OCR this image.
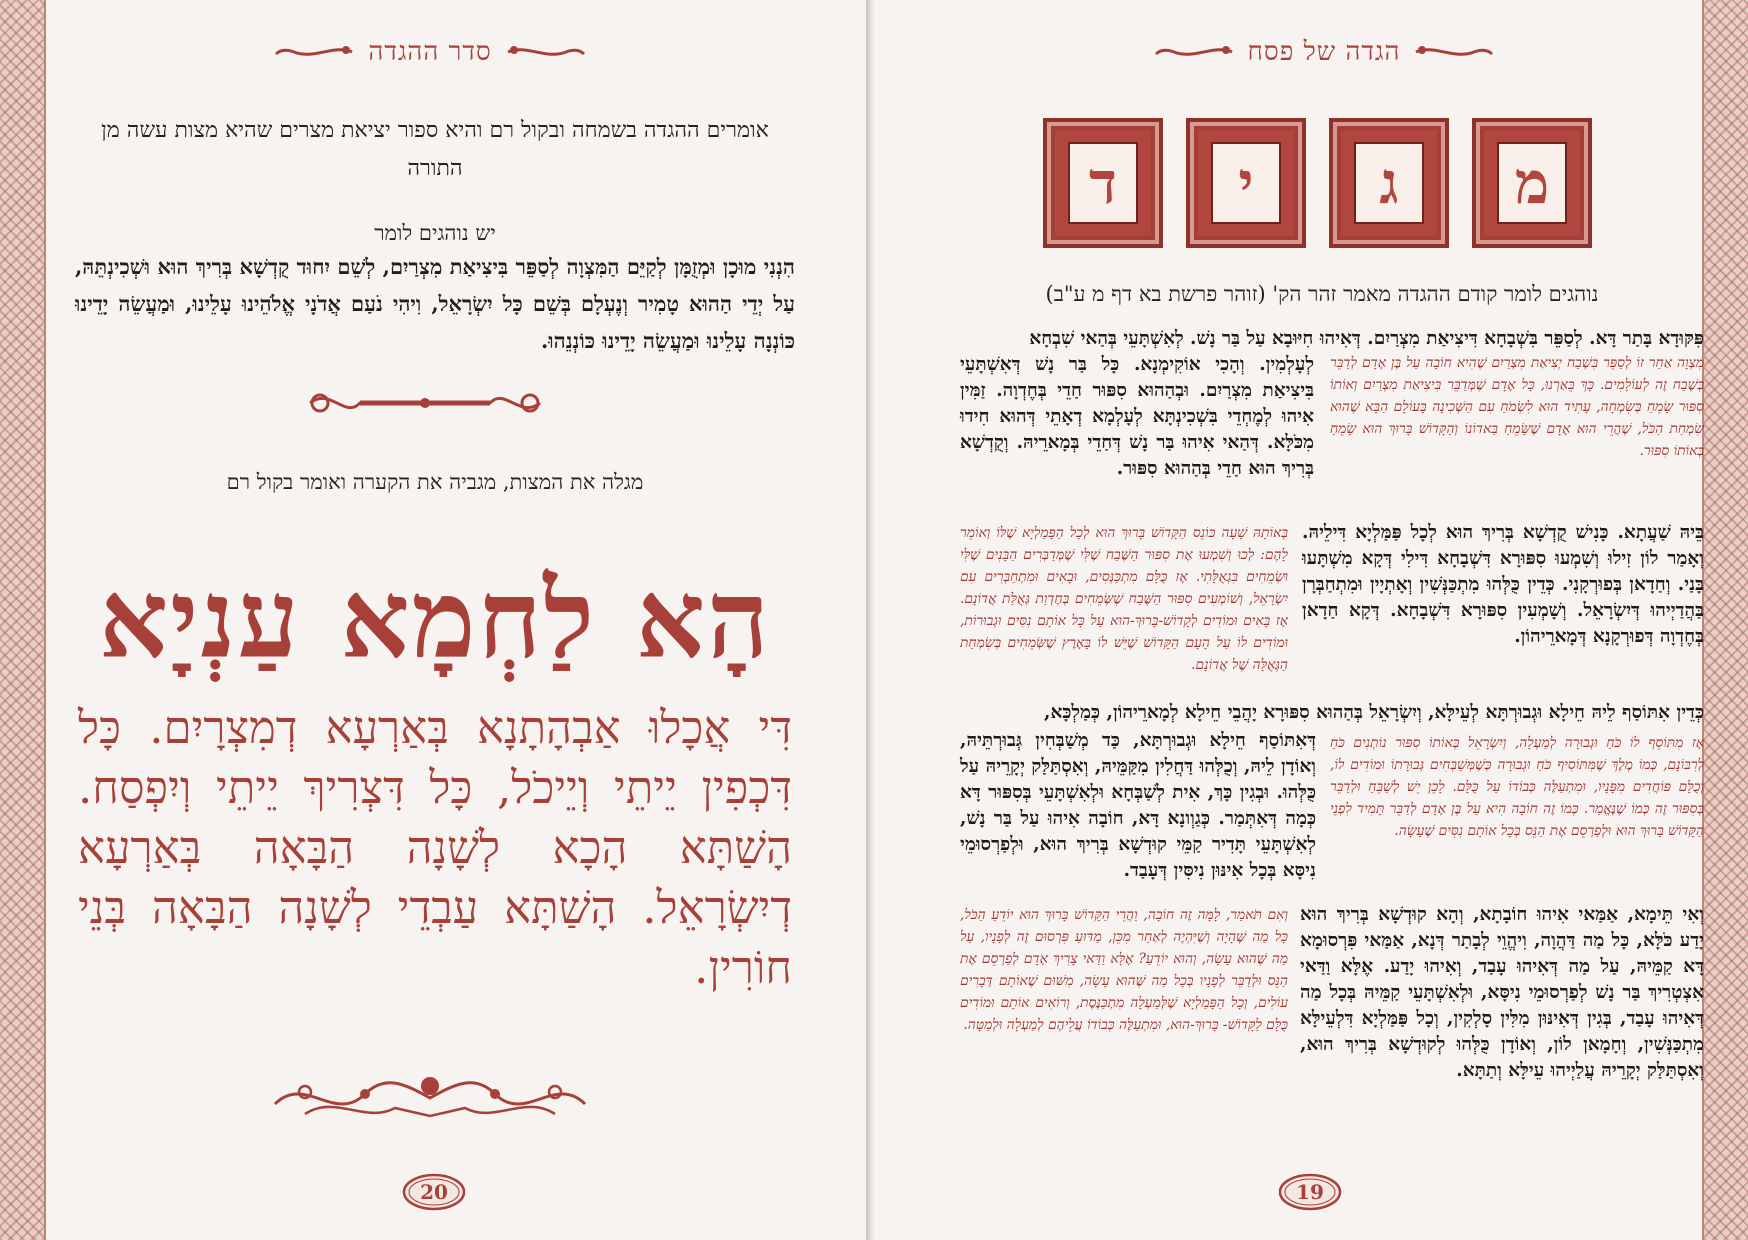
סדר ההגדה
אומרים ההגדה בשמחה ובקול רם והיא ספור יציאת מצרים שהיא מצות עשה מן התורה
יש נוהגים לומר
הִנְנִי מוּכָן וּמְזֻמָּן לְקַיֵּם הַמִּצְוָה לְסַפֵּר בִּיצִיאַת מִצְרַיִם, לְשֵׁם יִחוּד קֻדְשָׁא בְּרִיךְ הוּא וּשְׁכִינְתֵּהּ, עַל יְדֵי הַהוּא טָמִיר וְנֶעְלָם בְּשֵׁם כָּל יִשְׂרָאֵל, וִיהִי נֹעַם אֲדֹנָי אֱלֹהֵינוּ עָלֵינוּ, וּמַעֲשֵׂה יָדֵינוּ כּוֹנְנָה עָלֵינוּ וּמַעֲשֵׂה יָדֵינוּ כּוֹנְנֵהוּ.
מגלה את המצות, מגביה את הקערה ואומר בקול רם
הָא לַחְמָא עַנְיָא
דִּי אֲכָלוּ אַבְהָתָנָא בְּאַרְעָא דְמִצְרָיִם. כָּל דִּכְפִין יֵיתֵי וְיֵיכֹל, כָּל דִּצְרִיךְ יֵיתֵי וְיִפְסַח. הָשַׁתָּא הָכָא לְשָׁנָה הַבָּאָה בְּאַרְעָא דְיִשְׂרָאֵל. הָשַׁתָּא עַבְדֵי לְשָׁנָה הַבָּאָה בְּנֵי חוֹרִין.
20
הגדה של פסח
מ
ג
י
ד
נוהגים לומר קודם ההגדה מאמר זהר הק' (זוהר פרשת בא דף מ ע"ב)
פִּקּוּדָא בָּתַר דָּא. לְסַפֵּר בִּשְׁבָחָא דִּיצִיאַת מִצְרַיִם. דְּאִיהוּ חִיּוּבָא עַל בַּר נָשׁ. לְאִשְׁתָּעֵי בְּהַאי שִׁבְחָא
מִצְוָה אַחַר זוֹ לְסַפֵּר בִּשְׁבַח יְצִיאַת מִצְרַיִם שֶׁהִיא חוֹבָה עַל בֶּן אָדָם לְדַבֵּר בְּשֶׁבַח זֶה לְעוֹלָמִים. כָּךְ בֵּאַרְנוּ, כָּל אָדָם שֶׁמְּדַבֵּר בִּיצִיאַת מִצְרַיִם וְאוֹתוֹ סִפּוּר שָׂמֵחַ בְּשִׂמְחָה, עָתִיד הוּא לִשְׂמֹחַ עִם הַשְּׁכִינָה בָּעוֹלָם הַבָּא שֶׁהוּא שִׂמְחַת הַכֹּל, שֶׁהֲרֵי הוּא אָדָם שֶׁשָּׂמֵחַ בַּאדוֹנוֹ וְהַקָּדוֹשׁ בָּרוּךְ הוּא שָׂמֵחַ בְּאוֹתוֹ סִפּוּר.
לְעָלְמִין. וְהָכִי אוֹקִימְנָא. כָּל בַּר נָשׁ דְּאִשְׁתָּעֵי בִּיצִיאַת מִצְרַיִם. וּבְהַהוּא סִפּוּר חַדֵי בְּחֶדְוָה. זַמִּין אִיהוּ לְמֶחְדֵי בִּשְׁכִינְתָּא לְעָלְמָא דְאָתֵי דְּהוּא חִידוּ מִכֹּלָּא. דְּהַאי אִיהוּ בַּר נָשׁ דְּחַדֵי בְּמָארֵיהּ. וְקֻדְשָׁא בְּרִיךְ הוּא חַדֵי בְּהַהוּא סִפּוּר.
בֵּיהּ שַׁעֲתָא. כָּנִישׁ קֻדְשָׁא בְּרִיךְ הוּא לְכָל פַּמַּלְיָא דִּילֵיהּ. וְאָמַר לוֹן זִילוּ וְשִׁמְעוּ סִפּוּרָא דִּשְׁבָחָא דִּילִי דְּקָא מִשְׁתָּעוּ בָּנַי. וְחַדָאן בְּפוּרְקָנִי. כְּדֵין כֻּלְּהוּ מִתְכַּנְּשִׁין וְאָתְיָין וּמִתְחַבְּרָן בַּהֲדַיְיהוּ דְּיִשְׂרָאֵל. וְשָׁמְעִין סִפּוּרָא דִּשְׁבָחָא. דְּקָא חַדָאן בְּחֶדְוָה דְּפוּרְקָנָא דְּמָארֵיהוֹן.
בְּאוֹתָהּ שָׁעָה כּוֹנֵס הַקָּדוֹשׁ בָּרוּךְ הוּא לְכָל הַפָּמַלְיָא שֶׁלּוֹ וְאוֹמֵר לָהֶם: לְכוּ וְשִׁמְעוּ אֶת סִפּוּר הַשֶּׁבַח שֶׁלִּי שֶׁמְּדַבְּרִים הַבָּנִים שֶׁלִּי וּשְׂמֵחִים בִּגְאֻלָּתִי. אָז כֻּלָּם מִתְכַּנְּסִים, וּבָאִים וּמִתְחַבְּרִים עִם יִשְׂרָאֵל, וְשׁוֹמְעִים סִפּוּר הַשֶּׁבַח שֶׁשְּׂמֵחִים בְּחֶדְוַת גְּאֻלַּת אֲדוֹנָם. אָז בָּאִים וּמוֹדִים לְקָדוֹשׁ-בָּרוּךְ-הוּא עַל כָּל אוֹתָם נִסִּים וּגְבוּרוֹת, וּמוֹדִים לוֹ עַל הָעָם הַקָּדוֹשׁ שֶׁיֵּשׁ לוֹ בָּאָרֶץ שֶׁשְּׂמֵחִים בְּשִׂמְחַת הַגְּאֻלָּה שֶׁל אֲדוֹנָם.
כְּדֵין אִתּוֹסַף לֵיהּ חֵילָא וּגְבוּרְתָּא לְעֵילָּא, וְיִשְׂרָאֵל בְּהַהוּא סִפּוּרָא יָהֲבֵי חֵילָא לְמָארֵיהוֹן, כְּמַלְכָּא,
אָז מִתּוֹסֵף לוֹ כֹּחַ וּגְבוּרָה לְמַעְלָה, וְיִשְׂרָאֵל בְּאוֹתוֹ סִפּוּר נוֹתְנִים כֹּחַ לְרִבּוֹנָם, כְּמוֹ מֶלֶךְ שֶׁמִּתּוֹסִיף כֹּחַ וּגְבוּרָה כְּשֶׁמְּשַׁבְּחִים גְּבוּרָתוֹ וּמוֹדִים לוֹ, וְכֻלָּם פּוֹחֲדִים מִפָּנָיו, וּמִתְעַלֶּה כְּבוֹדוֹ עַל כֻּלָּם. לָכֵן יֵשׁ לְשַׁבֵּחַ וּלְדַבֵּר בְּסִפּוּר זֶה כְּמוֹ שֶׁנֶּאֱמַר. כְּמוֹ זֶה חוֹבָה הִיא עַל בֶּן אָדָם לְדַבֵּר תָּמִיד לִפְנֵי הַקָּדוֹשׁ בָּרוּךְ הוּא וּלְפַרְסֵם אֶת הַנֵּס בְּכָל אוֹתָם נִסִּים שֶׁעָשָׂה.
דְּאִתּוֹסַף חֵילָא וּגְבוּרְתָּא, כַּד מְשַׁבְּחִין גְּבוּרְתֵּיהּ, וְאוֹדָן לֵיהּ, וְכֻלְּהוּ דַּחֲלִין מִקַּמֵּיהּ, וְאִסְתַּלַּק יְקָרֵיהּ עַל כֻּלְּהוּ. וּבְגִין כָּךְ, אִית לְשַׁבְּחָא וּלְאִשְׁתָּעֵי בְּסִפּוּר דָּא כְּמָה דְּאִתְּמַר. כְּגַוְונָא דָּא, חוֹבָה אִיהוּ עַל בַּר נָשׁ, לְאִשְׁתָּעֵי תָּדִיר קַמֵּי קוּדְשָׁא בְּרִיךְ הוּא, וּלְפַרְסוּמֵי נִיסָּא בְּכָל אִינּוּן נִיסִּין דְּעָבַד.
וְאִי תֵּימָא, אַמַּאי אִיהוּ חוֹבָתָא, וְהָא קוּדְשָׁא בְּרִיךְ הוּא יָדַע כֹּלָּא, כָּל מַה דַּהֲוָה, וִיהֱוֵי לְבָתַר דְּנָא, אַמַּאי פִּרְסוּמָא דָּא קַמֵּיהּ, עַל מַה דְּאִיהוּ עָבַד, וְאִיהוּ יָדַע. אֶלָּא וַדַּאי אִצְטְרִיךְ בַּר נָשׁ לְפַרְסוּמֵי נִיסָּא, וּלְאִשְׁתָּעֵי קַמֵּיהּ בְּכָל מַה דְּאִיהוּ עָבַד, בְּגִין דְּאִינּוּן מִלִּין סָלְקִין, וְכָל פַּמַּלְיָא דִּלְעֵילָּא מִתְכַּנְּשִׁין, וְחָמָאן לוֹן, וְאוֹדָן כֻּלְּהוּ לְקוּדְשָׁא בְּרִיךְ הוּא, וְאִסְתַּלַּק יְקָרֵיהּ עֲלַיְיהוּ עֵילָּא וְתַתָּא.
וְאִם תֹּאמַר, לָמָּה זֶה חוֹבָה, וַהֲרֵי הַקָּדוֹשׁ בָּרוּךְ הוּא יוֹדֵעַ הַכֹּל, כָּל מַה שֶּׁהָיָה וְשֶׁיִּהְיֶה לְאַחַר מִכֵּן, מַדּוּעַ פִּרְסוּם זֶה לְפָנָיו, עַל מַה שֶּׁהוּא עָשָׂה, וְהוּא יוֹדֵעַ? אֶלָּא וַדַּאי צָרִיךְ אָדָם לְפַרְסֵם אֶת הַנֵּס וּלְדַבֵּר לְפָנָיו בְּכָל מַה שֶּׁהוּא עָשָׂה, מִשּׁוּם שֶׁאוֹתָם דְּבָרִים עוֹלִים, וְכָל הַפָּמַלְיָא שֶׁלְּמַעְלָה מִתְכַּנֶּסֶת, וְרוֹאִים אוֹתָם וּמוֹדִים כֻּלָּם לַקָּדוֹשׁ- בָּרוּךְ-הוּא, וּמִתְעַלֶּה כְּבוֹדוֹ עֲלֵיהֶם לְמַעְלָה וּלְמַטָּה.
19
